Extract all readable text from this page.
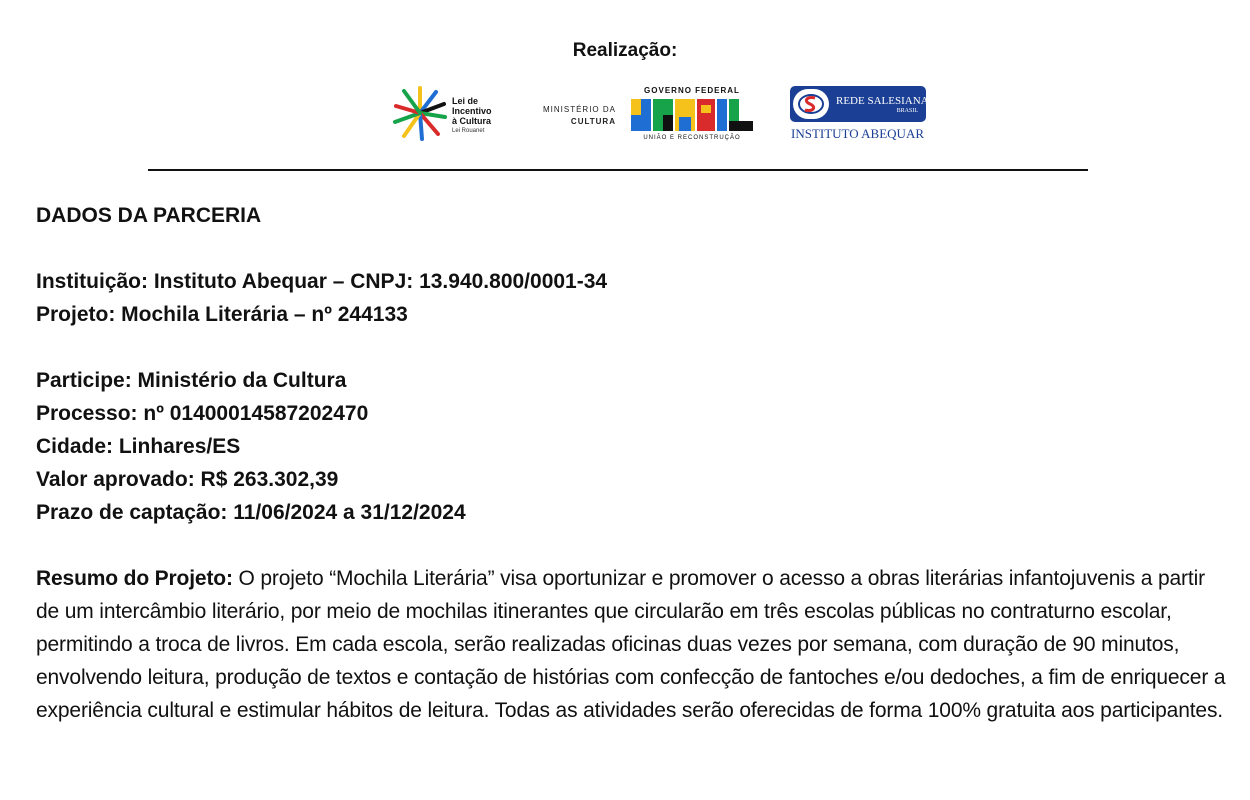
Realização:
Lei de
Incentivo
à Cultura
Lei Rouanet
MINISTÉRIO DA
CULTURA
GOVERNO FEDERAL
UNIÃO E RECONSTRUÇÃO
REDE SALESIANA
BRASIL
INSTITUTO ABEQUAR

DADOS DA PARCERIA

Instituição: Instituto Abequar – CNPJ: 13.940.800/0001-34

Projeto: Mochila Literária – nº 244133

Participe: Ministério da Cultura

Processo: nº 01400014587202470

Cidade: Linhares/ES

Valor aprovado: R$ 263.302,39

Prazo de captação: 11/06/2024 a 31/12/2024

Resumo do Projeto: O projeto “Mochila Literária” visa oportunizar e promover o acesso a obras literárias infantojuvenis a partir de um intercâmbio literário, por meio de mochilas itinerantes que circularão em três escolas públicas no contraturno escolar, permitindo a troca de livros. Em cada escola, serão realizadas oficinas duas vezes por semana, com duração de 90 minutos, envolvendo leitura, produção de textos e contação de histórias com confecção de fantoches e/ou dedoches, a fim de enriquecer a experiência cultural e estimular hábitos de leitura. Todas as atividades serão oferecidas de forma 100% gratuita aos participantes.
